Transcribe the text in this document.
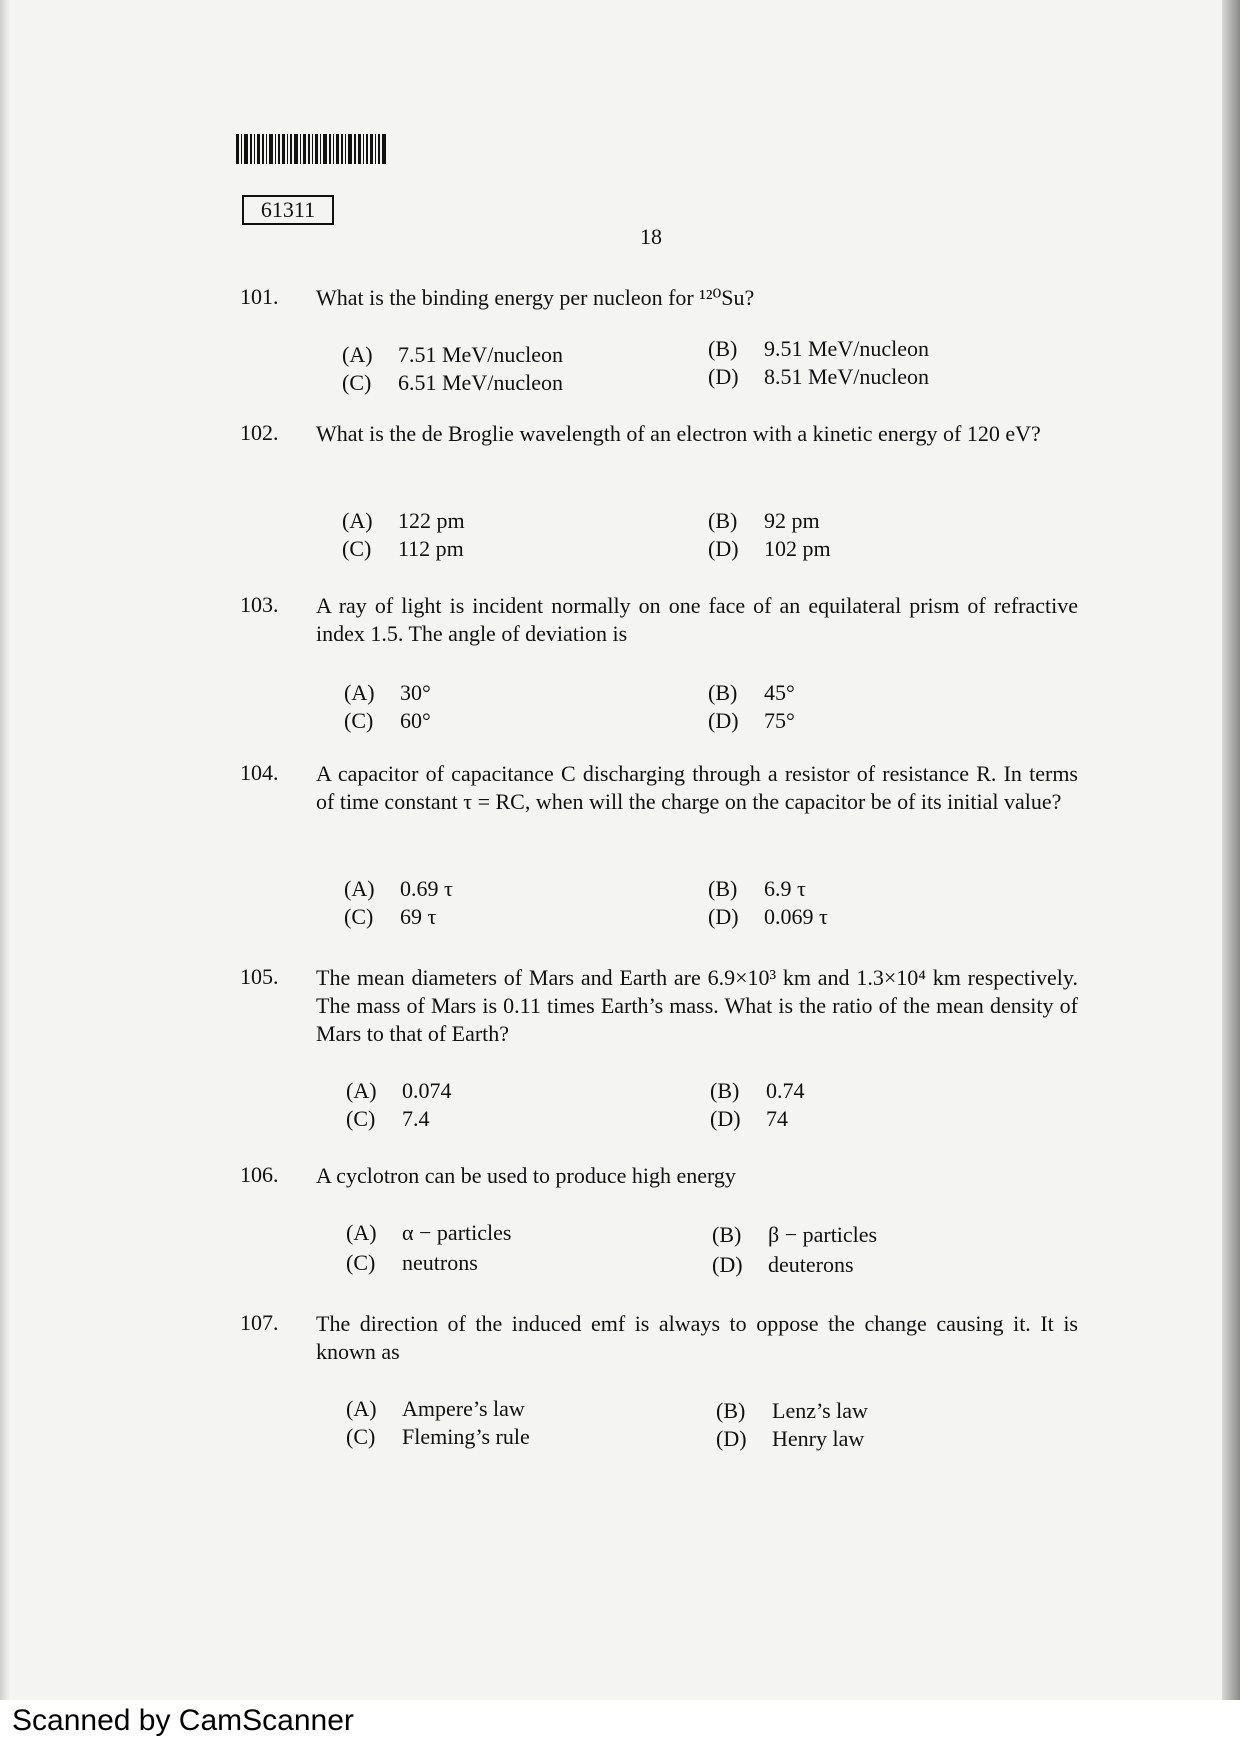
61311
18
101. What is the binding energy per nucleon for ¹²⁰Su?
(A) 7.51 MeV/nucleon	(B) 9.51 MeV/nucleon
(C) 6.51 MeV/nucleon	(D) 8.51 MeV/nucleon
102. What is the de Broglie wavelength of an electron with a kinetic energy of 120 eV?
(A) 122 pm	(B) 92 pm
(C) 112 pm	(D) 102 pm
103. A ray of light is incident normally on one face of an equilateral prism of refractive index 1.5. The angle of deviation is
(A) 30°	(B) 45°
(C) 60°	(D) 75°
104. A capacitor of capacitance C discharging through a resistor of resistance R. In terms of time constant τ = RC, when will the charge on the capacitor be of its initial value?
(A) 0.69 τ	(B) 6.9 τ
(C) 69 τ	(D) 0.069 τ
105. The mean diameters of Mars and Earth are 6.9×10³ km and 1.3×10⁴ km respectively. The mass of Mars is 0.11 times Earth’s mass. What is the ratio of the mean density of Mars to that of Earth?
(A) 0.074	(B) 0.74
(C) 7.4	(D) 74
106. A cyclotron can be used to produce high energy
(A) α − particles	(B) β − particles
(C) neutrons	(D) deuterons
107. The direction of the induced emf is always to oppose the change causing it. It is known as
(A) Ampere’s law	(B) Lenz’s law
(C) Fleming’s rule	(D) Henry law
Scanned by CamScanner
